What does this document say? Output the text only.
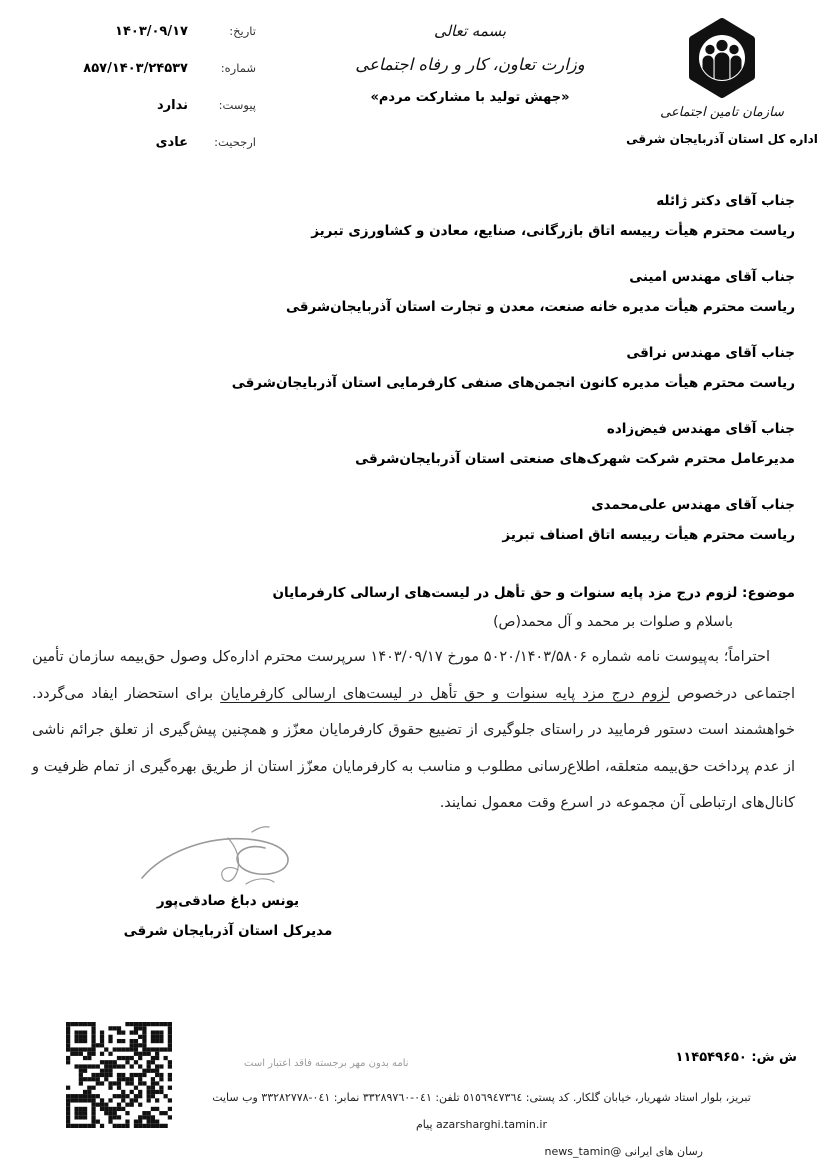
تاریخ:
۱۴۰۳/۰۹/۱۷
شماره:
۸۵۷/۱۴۰۳/۲۴۵۳۷
پیوست:
ندارد
ارجحیت:
عادی
بسمه تعالی
وزارت تعاون، کار و رفاه اجتماعی
«جهش تولید با مشارکت مردم»
سازمان تامین اجتماعی
اداره کل استان آذربایجان شرقی
جناب آقای دکتر ژائله
ریاست محترم هیأت رییسه اتاق بازرگانی، صنایع، معادن و کشاورزی تبریز
جناب آقای مهندس امینی
ریاست محترم هیأت مدیره خانه صنعت، معدن و تجارت استان آذربایجان‌شرقی
جناب آقای مهندس نراقی
ریاست محترم هیأت مدیره کانون انجمن‌های صنفی کارفرمایی استان آذربایجان‌شرقی
جناب آقای مهندس فیض‌زاده
مدیرعامل محترم شرکت شهرک‌های صنعتی استان آذربایجان‌شرقی
جناب آقای مهندس علی‌محمدی
ریاست محترم هیأت رییسه اتاق اصناف تبریز
موضوع: لزوم درج مزد پایه سنوات و حق تأهل در لیست‌های ارسالی کارفرمایان
باسلام و صلوات بر محمد و آل محمد(ص)
احتراماً؛ به‌پیوست نامه شماره ۵۰۲۰/۱۴۰۳/۵۸۰۶ مورخ ۱۴۰۳/۰۹/۱۷ سرپرست محترم اداره‌کل وصول حق‌بیمه سازمان تأمین اجتماعی درخصوص لزوم درج مزد پایه سنوات و حق تأهل در لیست‌های ارسالی کارفرمایان برای استحضار ایفاد می‌گردد. خواهشمند است دستور فرمایید در راستای جلوگیری از تضییع حقوق کارفرمایان معزّز و همچنین پیش‌گیری از تعلق جرائم ناشی از عدم پرداخت حق‌بیمه متعلقه، اطلاع‌رسانی مطلوب و مناسب به کارفرمایان معزّز استان از طریق بهره‌گیری از تمام ظرفیت و کانال‌های ارتباطی آن مجموعه در اسرع وقت معمول نمایند.
یونس دباغ صادقی‌پور
مدیرکل استان آذربایجان شرقی
ش ش: ۱۱۴۵۴۹۶۵۰
نامه بدون مهر برجسته فاقد اعتبار است
تبریز، بلوار استاد شهریار، خیابان گلکار. کد پستی: ٥١٥٦٩٤٧٣٦٤ تلفن: ٠٤١-٣٣٢٨٩٧٦٠ نمابر: ٠٤١-٣٣٢٨٢٧٧٨ وب سایت azarsharghi.tamin.ir پیام
رسان های ایرانی @news_tamin
